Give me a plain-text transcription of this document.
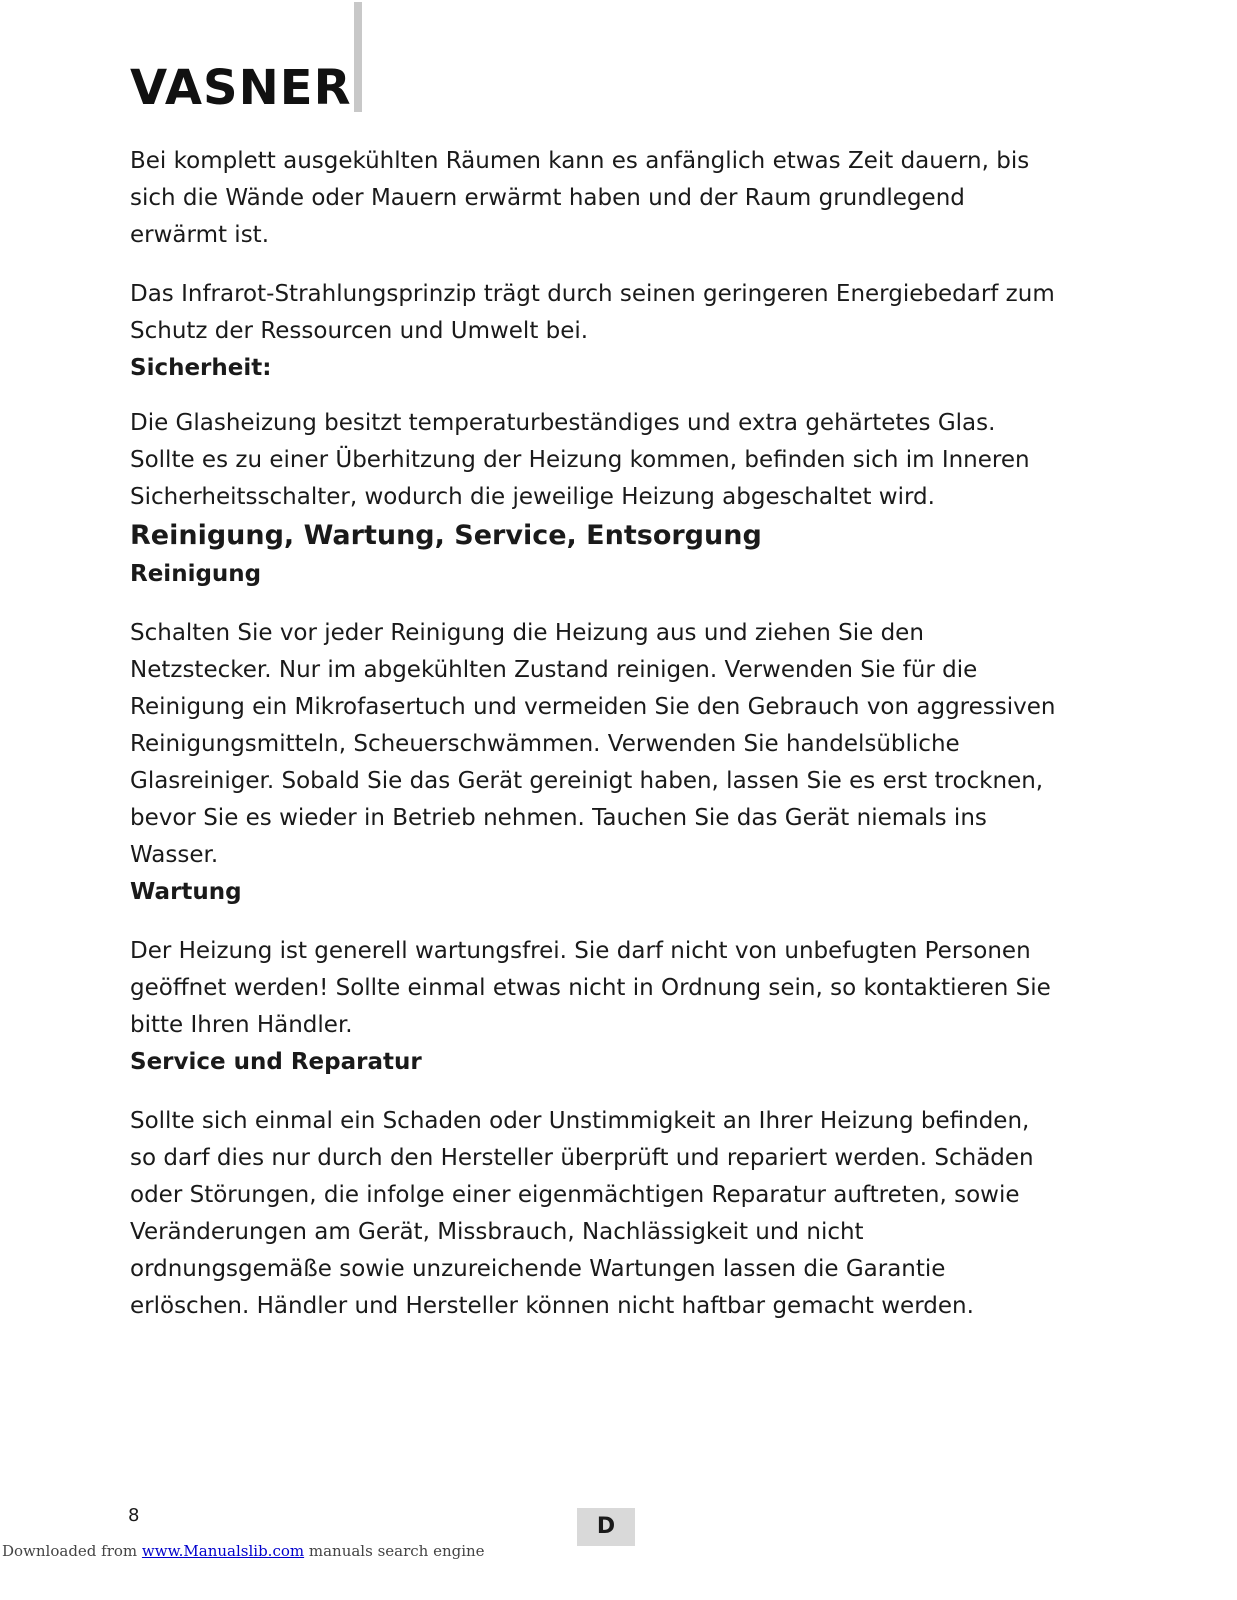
VASNER

Bei komplett ausgekühlten Räumen kann es anfänglich etwas Zeit dauern, bis sich die Wände oder Mauern erwärmt haben und der Raum grundlegend erwärmt ist.

Das Infrarot-Strahlungsprinzip trägt durch seinen geringeren Energiebedarf zum Schutz der Ressourcen und Umwelt bei.

Sicherheit:

Die Glasheizung besitzt temperaturbeständiges und extra gehärtetes Glas. Sollte es zu einer Überhitzung der Heizung kommen, befinden sich im Inneren Sicherheitsschalter, wodurch die jeweilige Heizung abgeschaltet wird.

Reinigung, Wartung, Service, Entsorgung
Reinigung

Schalten Sie vor jeder Reinigung die Heizung aus und ziehen Sie den Netzstecker. Nur im abgekühlten Zustand reinigen. Verwenden Sie für die Reinigung ein Mikrofasertuch und vermeiden Sie den Gebrauch von aggressiven Reinigungsmitteln, Scheuerschwämmen. Verwenden Sie handelsübliche Glasreiniger. Sobald Sie das Gerät gereinigt haben, lassen Sie es erst trocknen, bevor Sie es wieder in Betrieb nehmen. Tauchen Sie das Gerät niemals ins Wasser.

Wartung

Der Heizung ist generell wartungsfrei. Sie darf nicht von unbefugten Personen geöffnet werden! Sollte einmal etwas nicht in Ordnung sein, so kontaktieren Sie bitte Ihren Händler.

Service und Reparatur

Sollte sich einmal ein Schaden oder Unstimmigkeit an Ihrer Heizung befinden, so darf dies nur durch den Hersteller überprüft und repariert werden. Schäden oder Störungen, die infolge einer eigenmächtigen Reparatur auftreten, sowie Veränderungen am Gerät, Missbrauch, Nachlässigkeit und nicht ordnungsgemäße sowie unzureichende Wartungen lassen die Garantie erlöschen. Händler und Hersteller können nicht haftbar gemacht werden.

8	D
Downloaded from www.Manualslib.com manuals search engine
